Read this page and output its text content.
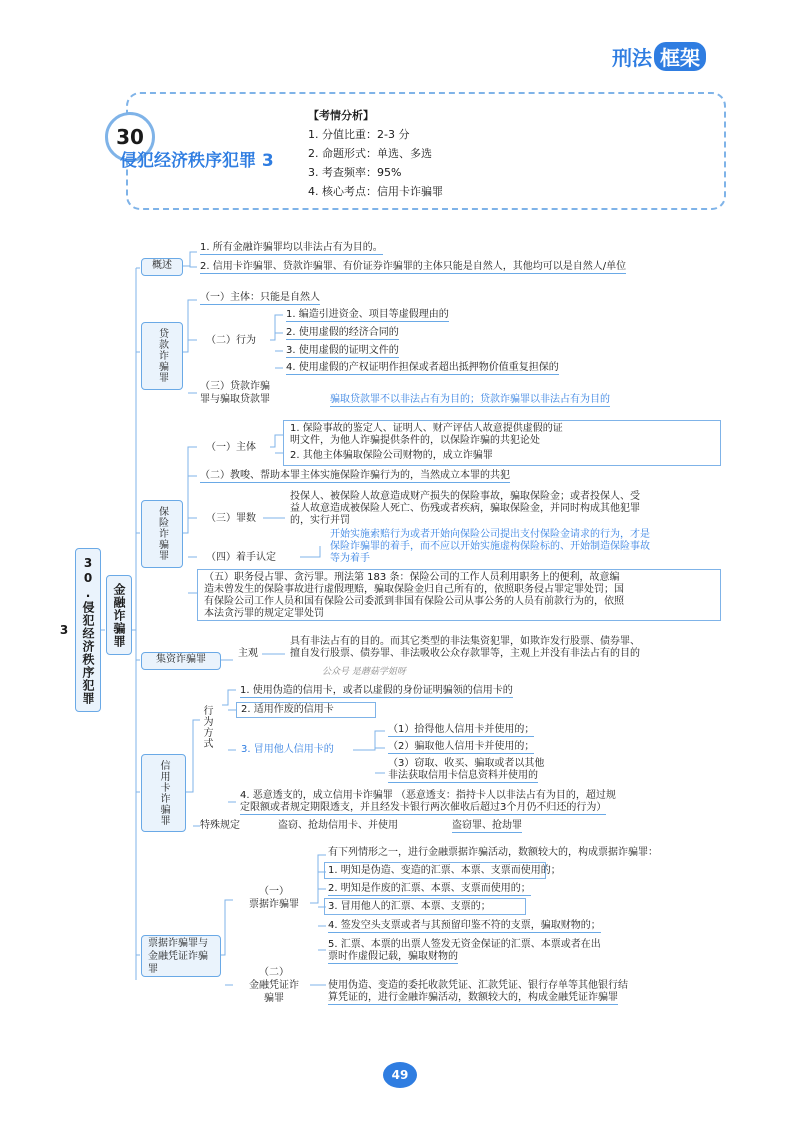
刑法 框架
30
侵犯经济秩序犯罪 3
【考情分析】
1. 分值比重：2-3 分
2. 命题形式：单选、多选
3. 考查频率：95%
4. 核心考点：信用卡诈骗罪
30.侵犯经济秩序犯罪3	金融诈骗罪
概述
1. 所有金融诈骗罪均以非法占有为目的。
2. 信用卡诈骗罪、贷款诈骗罪、有价证券诈骗罪的主体只能是自然人，其他均可以是自然人/单位
贷款诈骗罪
（一）主体：只能是自然人
（二）行为
1. 编造引进资金、项目等虚假理由的
2. 使用虚假的经济合同的
3. 使用虚假的证明文件的
4. 使用虚假的产权证明作担保或者超出抵押物价值重复担保的
（三）贷款诈骗
罪与骗取贷款罪	骗取贷款罪不以非法占有为目的；贷款诈骗罪以非法占有为目的
保险诈骗罪
（一）主体
1. 保险事故的鉴定人、证明人、财产评估人故意提供虚假的证
明文件，为他人诈骗提供条件的，以保险诈骗的共犯论处
2. 其他主体骗取保险公司财物的，成立诈骗罪
（二）教唆、帮助本罪主体实施保险诈骗行为的，当然成立本罪的共犯
（三）罪数
投保人、被保险人故意造成财产损失的保险事故，骗取保险金；或者投保人、受
益人故意造成被保险人死亡、伤残或者疾病，骗取保险金，并同时构成其他犯罪
的，实行并罚
（四）着手认定
开始实施索赔行为或者开始向保险公司提出支付保险金请求的行为，才是
保险诈骗罪的着手，而不应以开始实施虚构保险标的、开始制造保险事故
等为着手
（五）职务侵占罪、贪污罪。刑法第 183 条：保险公司的工作人员利用职务上的便利，故意编
造未曾发生的保险事故进行虚假理赔，骗取保险金归自己所有的，依照职务侵占罪定罪处罚；国
有保险公司工作人员和国有保险公司委派到非国有保险公司从事公务的人员有前款行为的，依照
本法贪污罪的规定定罪处罚
集资诈骗罪
主观
具有非法占有的目的。而其它类型的非法集资犯罪，如欺诈发行股票、债券罪、
擅自发行股票、债券罪、非法吸收公众存款罪等，主观上并没有非法占有的目的
公众号 是蘑菇学姐呀
信用卡诈骗罪
行为方式
1. 使用伪造的信用卡，或者以虚假的身份证明骗领的信用卡的
2. 适用作废的信用卡
3. 冒用他人信用卡的
（1）拾得他人信用卡并使用的；
（2）骗取他人信用卡并使用的；
（3）窃取、收买、骗取或者以其他
非法获取信用卡信息资料并使用的
4. 恶意透支的，成立信用卡诈骗罪 （恶意透支：指持卡人以非法占有为目的，超过规
定限额或者规定期限透支，并且经发卡银行两次催收后超过3个月仍不归还的行为）
特殊规定	盗窃、抢劫信用卡、并使用	盗窃罪、抢劫罪
票据诈骗罪与金融凭证诈骗罪
（一）
票据诈骗罪
有下列情形之一，进行金融票据诈骗活动，数额较大的，构成票据诈骗罪：
1. 明知是伪造、变造的汇票、本票、支票而使用的；
2. 明知是作废的汇票、本票、支票而使用的；
3. 冒用他人的汇票、本票、支票的；
4. 签发空头支票或者与其预留印鉴不符的支票，骗取财物的；
5. 汇票、本票的出票人签发无资金保证的汇票、本票或者在出
票时作虚假记载，骗取财物的
（二）
金融凭证诈
骗罪
使用伪造、变造的委托收款凭证、汇款凭证、银行存单等其他银行结
算凭证的，进行金融诈骗活动，数额较大的，构成金融凭证诈骗罪
49
